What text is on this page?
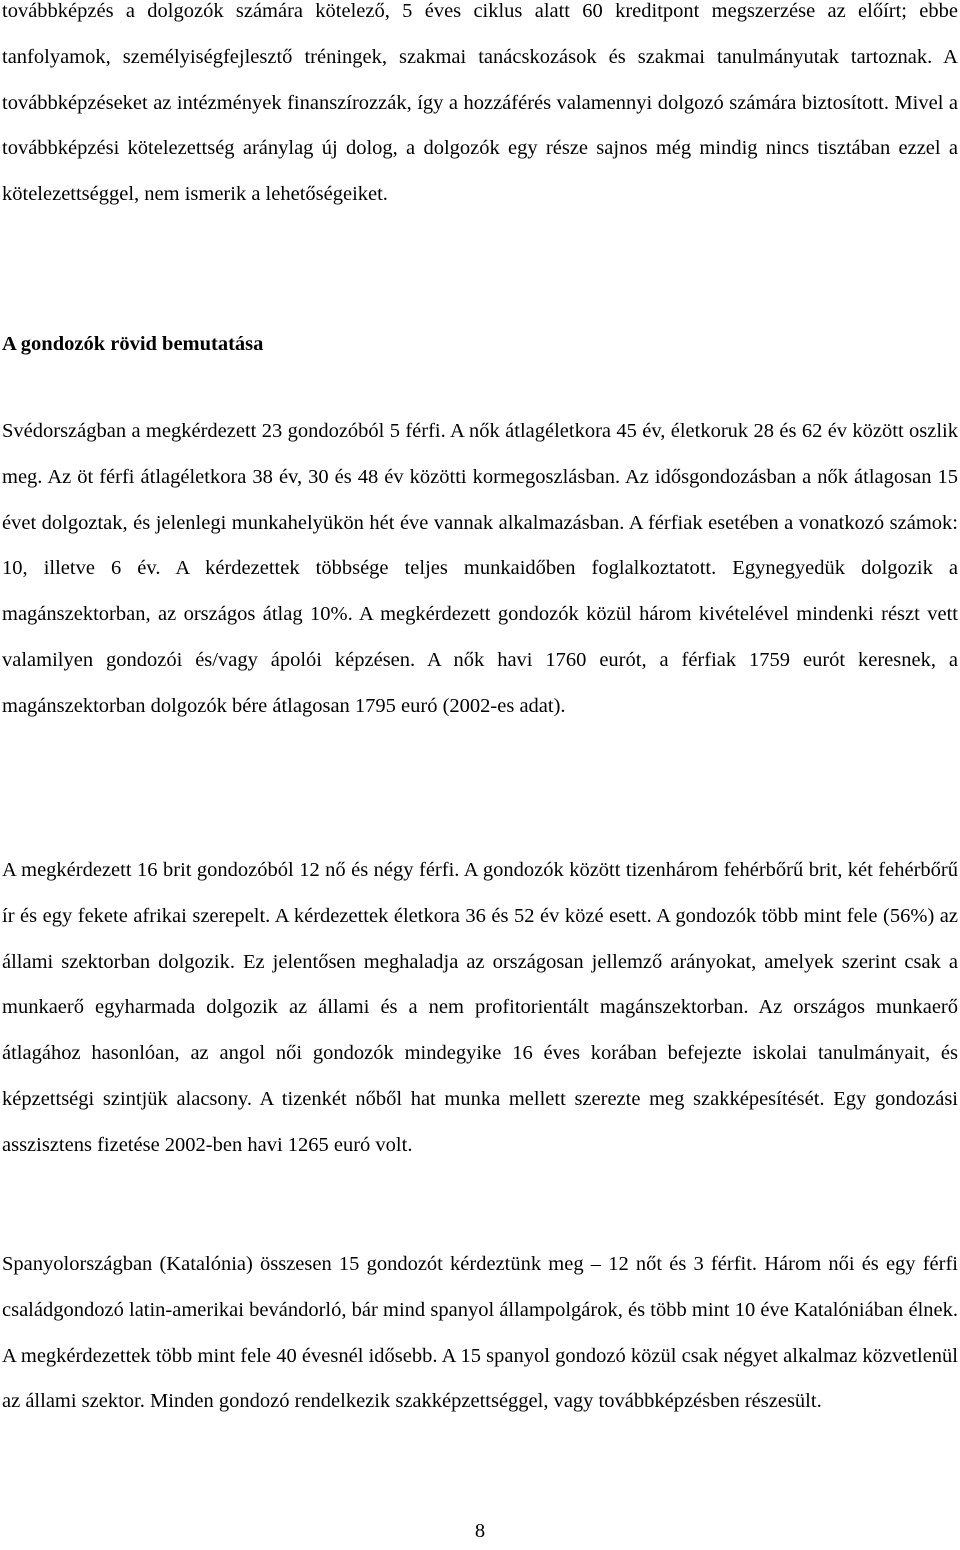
továbbképzés a dolgozók számára kötelező, 5 éves ciklus alatt 60 kreditpont megszerzése az előírt; ebbe tanfolyamok, személyiségfejlesztő tréningek, szakmai tanácskozások és szakmai tanulmányutak tartoznak. A továbbképzéseket az intézmények finanszírozzák, így a hozzáférés valamennyi dolgozó számára biztosított. Mivel a továbbképzési kötelezettség aránylag új dolog, a dolgozók egy része sajnos még mindig nincs tisztában ezzel a kötelezettséggel, nem ismerik a lehetőségeiket.

A gondozók rövid bemutatása

Svédországban a megkérdezett 23 gondozóból 5 férfi. A nők átlagéletkora 45 év, életkoruk 28 és 62 év között oszlik meg. Az öt férfi átlagéletkora 38 év, 30 és 48 év közötti kormegoszlásban. Az idősgondozásban a nők átlagosan 15 évet dolgoztak, és jelenlegi munkahelyükön hét éve vannak alkalmazásban. A férfiak esetében a vonatkozó számok: 10, illetve 6 év. A kérdezettek többsége teljes munkaidőben foglalkoztatott. Egynegyedük dolgozik a magánszektorban, az országos átlag 10%. A megkérdezett gondozók közül három kivételével mindenki részt vett valamilyen gondozói és/vagy ápolói képzésen. A nők havi 1760 eurót, a férfiak 1759 eurót keresnek, a magánszektorban dolgozók bére átlagosan 1795 euró (2002-es adat).

A megkérdezett 16 brit gondozóból 12 nő és négy férfi. A gondozók között tizenhárom fehérbőrű brit, két fehérbőrű ír és egy fekete afrikai szerepelt. A kérdezettek életkora 36 és 52 év közé esett. A gondozók több mint fele (56%) az állami szektorban dolgozik. Ez jelentősen meghaladja az országosan jellemző arányokat, amelyek szerint csak a munkaerő egyharmada dolgozik az állami és a nem profitorientált magánszektorban. Az országos munkaerő átlagához hasonlóan, az angol női gondozók mindegyike 16 éves korában befejezte iskolai tanulmányait, és képzettségi szintjük alacsony. A tizenkét nőből hat munka mellett szerezte meg szakképesítését. Egy gondozási asszisztens fizetése 2002-ben havi 1265 euró volt.

Spanyolországban (Katalónia) összesen 15 gondozót kérdeztünk meg – 12 nőt és 3 férfit. Három női és egy férfi családgondozó latin-amerikai bevándorló, bár mind spanyol állampolgárok, és több mint 10 éve Katalóniában élnek. A megkérdezettek több mint fele 40 évesnél idősebb. A 15 spanyol gondozó közül csak négyet alkalmaz közvetlenül az állami szektor. Minden gondozó rendelkezik szakképzettséggel, vagy továbbképzésben részesült.

8
